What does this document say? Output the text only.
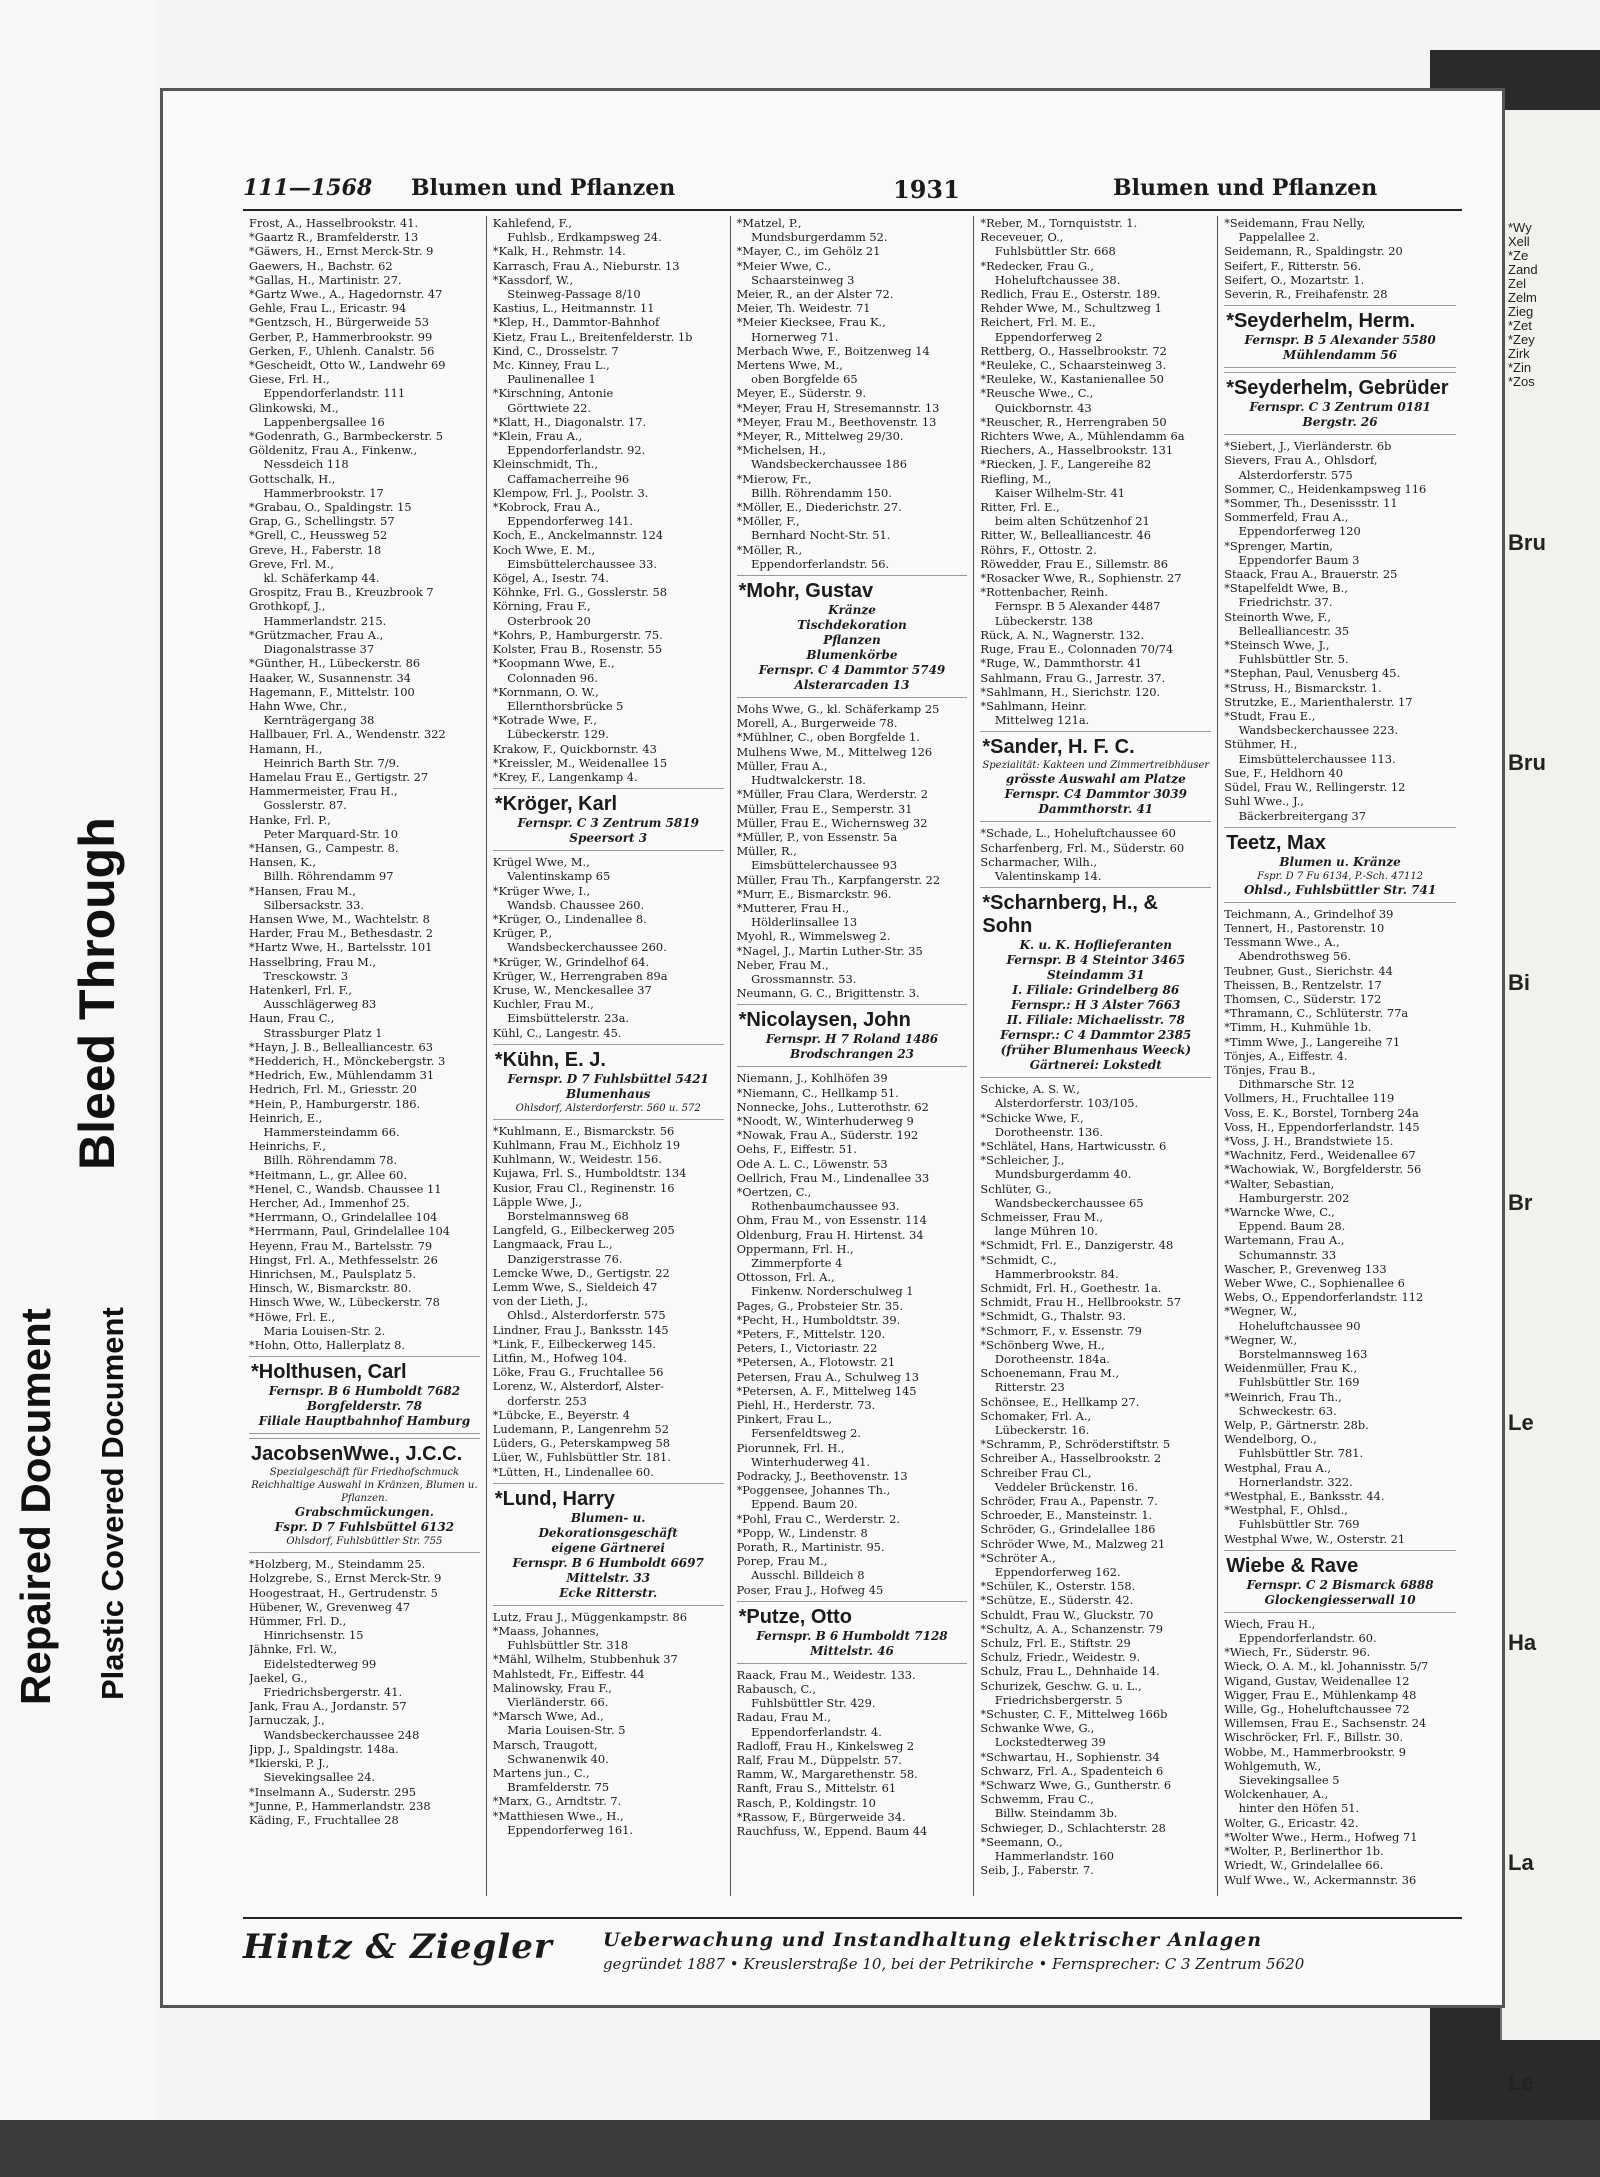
Bleed Through
Repaired Document Plastic Covered Document
*Wy
Xell
*Ze
Zand
Zel
Zelm
Zieg
*Zet
*Zey
Zirk
*Zin
*Zos
Bru
Bru
Bi
Br
Le
Ha
La
Le
111—1568 Blumen und Pflanzen	1931	Blumen und Pflanzen
Frost, A., Hasselbrookstr. 41.
*Gaartz R., Bramfelderstr. 13
*Gäwers, H., Ernst Merck-Str. 9
Gaewers, H., Bachstr. 62
*Gallas, H., Martinistr. 27.
*Gartz Wwe., A., Hagedornstr. 47
Gehle, Frau L., Ericastr. 94
*Gentzsch, H., Bürgerweide 53
Gerber, P., Hammerbrookstr. 99
Gerken, F., Uhlenh. Canalstr. 56
*Gescheidt, Otto W., Landwehr 69
Giese, Frl. H.,
Eppendorferlandstr. 111
Glinkowski, M.,
Lappenbergsallee 16
*Godenrath, G., Barmbeckerstr. 5
Göldenitz, Frau A., Finkenw.,
Nessdeich 118
Gottschalk, H.,
Hammerbrookstr. 17
*Grabau, O., Spaldingstr. 15
Grap, G., Schellingstr. 57
*Grell, C., Heussweg 52
Greve, H., Faberstr. 18
Greve, Frl. M.,
kl. Schäferkamp 44.
Grospitz, Frau B., Kreuzbrook 7
Grothkopf, J.,
Hammerlandstr. 215.
*Grützmacher, Frau A.,
Diagonalstrasse 37
*Günther, H., Lübeckerstr. 86
Haaker, W., Susannenstr. 34
Hagemann, F., Mittelstr. 100
Hahn Wwe, Chr.,
Kernträgergang 38
Hallbauer, Frl. A., Wendenstr. 322
Hamann, H.,
Heinrich Barth Str. 7/9.
Hamelau Frau E., Gertigstr. 27
Hammermeister, Frau H.,
Gosslerstr. 87.
Hanke, Frl. P.,
Peter Marquard-Str. 10
*Hansen, G., Campestr. 8.
Hansen, K.,
Billh. Röhrendamm 97
*Hansen, Frau M.,
Silbersackstr. 33.
Hansen Wwe, M., Wachtelstr. 8
Harder, Frau M., Bethesdastr. 2
*Hartz Wwe, H., Bartelsstr. 101
Hasselbring, Frau M.,
Tresckowstr. 3
Hatenkerl, Frl. F.,
Ausschlägerweg 83
Haun, Frau C.,
Strassburger Platz 1
*Hayn, J. B., Bellealliancestr. 63
*Hedderich, H., Mönckebergstr. 3
*Hedrich, Ew., Mühlendamm 31
Hedrich, Frl. M., Griesstr. 20
*Hein, P., Hamburgerstr. 186.
Heinrich, E.,
Hammersteindamm 66.
Heinrichs, F.,
Billh. Röhrendamm 78.
*Heitmann, L., gr. Allee 60.
*Henel, C., Wandsb. Chaussee 11
Hercher, Ad., Immenhof 25.
*Herrmann, O., Grindelallee 104
*Herrmann, Paul, Grindelallee 104
Heyenn, Frau M., Bartelsstr. 79
Hingst, Frl. A., Methfesselstr. 26
Hinrichsen, M., Paulsplatz 5.
Hinsch, W., Bismarckstr. 80.
Hinsch Wwe, W., Lübeckerstr. 78
*Höwe, Frl. E.,
Maria Louisen-Str. 2.
*Hohn, Otto, Hallerplatz 8.
*Holthusen, Carl
Fernspr. B 6 Humboldt 7682
Borgfelderstr. 78
Filiale Hauptbahnhof Hamburg
JacobsenWwe., J.C.C.
Spezialgeschäft für Friedhofschmuck
Reichhaltige Auswahl in Kränzen, Blumen u. Pflanzen.
Grabschmückungen.
Fspr. D 7 Fuhlsbüttel 6132
Ohlsdorf, Fuhlsbüttler Str. 755
*Holzberg, M., Steindamm 25.
Holzgrebe, S., Ernst Merck-Str. 9
Hoogestraat, H., Gertrudenstr. 5
Hübener, W., Grevenweg 47
Hümmer, Frl. D.,
Hinrichsenstr. 15
Jähnke, Frl. W.,
Eidelstedterweg 99
Jaekel, G.,
Friedrichsbergerstr. 41.
Jank, Frau A., Jordanstr. 57
Jarnuczak, J.,
Wandsbeckerchaussee 248
Jipp, J., Spaldingstr. 148a.
*Ikierski, P. J.,
Sievekingsallee 24.
*Inselmann A., Suderstr. 295
*Junne, P., Hammerlandstr. 238
Käding, F., Fruchtallee 28
Kahlefend, F.,
Fuhlsb., Erdkampsweg 24.
*Kalk, H., Rehmstr. 14.
Karrasch, Frau A., Nieburstr. 13
*Kassdorf, W.,
Steinweg-Passage 8/10
Kastius, L., Heitmannstr. 11
*Klep, H., Dammtor-Bahnhof
Kietz, Frau L., Breitenfelderstr. 1b
Kind, C., Drosselstr. 7
Mc. Kinney, Frau L.,
Paulinenallee 1
*Kirschning, Antonie
Görttwiete 22.
*Klatt, H., Diagonalstr. 17.
*Klein, Frau A.,
Eppendorferlandstr. 92.
Kleinschmidt, Th.,
Caffamacherreihe 96
Klempow, Frl. J., Poolstr. 3.
*Kobrock, Frau A.,
Eppendorferweg 141.
Koch, E., Anckelmannstr. 124
Koch Wwe, E. M.,
Eimsbüttelerchaussee 33.
Kögel, A., Isestr. 74.
Köhnke, Frl. G., Gosslerstr. 58
Körning, Frau F.,
Osterbrook 20
*Kohrs, P., Hamburgerstr. 75.
Kolster, Frau B., Rosenstr. 55
*Koopmann Wwe, E.,
Colonnaden 96.
*Kornmann, O. W.,
Ellernthorsbrücke 5
*Kotrade Wwe, F.,
Lübeckerstr. 129.
Krakow, F., Quickbornstr. 43
*Kreissler, M., Weidenallee 15
*Krey, F., Langenkamp 4.
*Kröger, Karl
Fernspr. C 3 Zentrum 5819
Speersort 3
Krügel Wwe, M.,
Valentinskamp 65
*Krüger Wwe, I.,
Wandsb. Chaussee 260.
*Krüger, O., Lindenallee 8.
Krüger, P.,
Wandsbeckerchaussee 260.
*Krüger, W., Grindelhof 64.
Krüger, W., Herrengraben 89a
Kruse, W., Menckesallee 37
Kuchler, Frau M.,
Eimsbüttelerstr. 23a.
Kühl, C., Langestr. 45.
*Kühn, E. J.
Fernspr. D 7 Fuhlsbüttel 5421
Blumenhaus
Ohlsdorf, Alsterdorferstr. 560 u. 572
*Kuhlmann, E., Bismarckstr. 56
Kuhlmann, Frau M., Eichholz 19
Kuhlmann, W., Weidestr. 156.
Kujawa, Frl. S., Humboldtstr. 134
Kusior, Frau Cl., Reginenstr. 16
Läpple Wwe, J.,
Borstelmannsweg 68
Langfeld, G., Eilbeckerweg 205
Langmaack, Frau L.,
Danzigerstrasse 76.
Lemcke Wwe, D., Gertigstr. 22
Lemm Wwe, S., Sieldeich 47
von der Lieth, J.,
Ohlsd., Alsterdorferstr. 575
Lindner, Frau J., Banksstr. 145
*Link, F., Eilbeckerweg 145.
Litfin, M., Hofweg 104.
Löke, Frau G., Fruchtallee 56
Lorenz, W., Alsterdorf, Alster-
dorferstr. 253
*Lübcke, E., Beyerstr. 4
Ludemann, P., Langenrehm 52
Lüders, G., Peterskampweg 58
Lüer, W., Fuhlsbüttler Str. 181.
*Lütten, H., Lindenallee 60.
*Lund, Harry
Blumen- u.
Dekorationsgeschäft
eigene Gärtnerei
Fernspr. B 6 Humboldt 6697
Mittelstr. 33
Ecke Ritterstr.
Lutz, Frau J., Müggenkampstr. 86
*Maass, Johannes,
Fuhlsbüttler Str. 318
*Mähl, Wilhelm, Stubbenhuk 37
Mahlstedt, Fr., Eiffestr. 44
Malinowsky, Frau F.,
Vierländerstr. 66.
*Marsch Wwe, Ad.,
Maria Louisen-Str. 5
Marsch, Traugott,
Schwanenwik 40.
Martens jun., C.,
Bramfelderstr. 75
*Marx, G., Arndtstr. 7.
*Matthiesen Wwe., H.,
Eppendorferweg 161.
*Matzel, P.,
Mundsburgerdamm 52.
*Mayer, C., im Gehölz 21
*Meier Wwe, C.,
Schaarsteinweg 3
Meier, R., an der Alster 72.
Meier, Th. Weidestr. 71
*Meier Kiecksee, Frau K.,
Hornerweg 71.
Merbach Wwe, F., Boitzenweg 14
Mertens Wwe, M.,
oben Borgfelde 65
Meyer, E., Süderstr. 9.
*Meyer, Frau H, Stresemannstr. 13
*Meyer, Frau M., Beethovenstr. 13
*Meyer, R., Mittelweg 29/30.
*Michelsen, H.,
Wandsbeckerchaussee 186
*Mierow, Fr.,
Billh. Röhrendamm 150.
*Möller, E., Diederichstr. 27.
*Möller, F.,
Bernhard Nocht-Str. 51.
*Möller, R.,
Eppendorferlandstr. 56.
*Mohr, Gustav
Kränze
Tischdekoration
Pflanzen
Blumenkörbe
Fernspr. C 4 Dammtor 5749
Alsterarcaden 13
Mohs Wwe, G., kl. Schäferkamp 25
Morell, A., Burgerweide 78.
*Mühlner, C., oben Borgfelde 1.
Mulhens Wwe, M., Mittelweg 126
Müller, Frau A.,
Hudtwalckerstr. 18.
*Müller, Frau Clara, Werderstr. 2
Müller, Frau E., Semperstr. 31
Müller, Frau E., Wichernsweg 32
*Müller, P., von Essenstr. 5a
Müller, R.,
Eimsbüttelerchaussee 93
Müller, Frau Th., Karpfangerstr. 22
*Murr, E., Bismarckstr. 96.
*Mutterer, Frau H.,
Hölderlinsallee 13
Myohl, R., Wimmelsweg 2.
*Nagel, J., Martin Luther-Str. 35
Neber, Frau M.,
Grossmannstr. 53.
Neumann, G. C., Brigittenstr. 3.
*Nicolaysen, John
Fernspr. H 7 Roland 1486
Brodschrangen 23
Niemann, J., Kohlhöfen 39
*Niemann, C., Hellkamp 51.
Nonnecke, Johs., Lutterothstr. 62
*Noodt, W., Winterhuderweg 9
*Nowak, Frau A., Süderstr. 192
Oehs, F., Eiffestr. 51.
Ode A. L. C., Löwenstr. 53
Oellrich, Frau M., Lindenallee 33
*Oertzen, C.,
Rothenbaumchaussee 93.
Ohm, Frau M., von Essenstr. 114
Oldenburg, Frau H. Hirtenst. 34
Oppermann, Frl. H.,
Zimmerpforte 4
Ottosson, Frl. A.,
Finkenw. Norderschulweg 1
Pages, G., Probsteier Str. 35.
*Pecht, H., Humboldtstr. 39.
*Peters, F., Mittelstr. 120.
Peters, I., Victoriastr. 22
*Petersen, A., Flotowstr. 21
Petersen, Frau A., Schulweg 13
*Petersen, A. F., Mittelweg 145
Piehl, H., Herderstr. 73.
Pinkert, Frau L.,
Fersenfeldtsweg 2.
Piorunnek, Frl. H.,
Winterhuderweg 41.
Podracky, J., Beethovenstr. 13
*Poggensee, Johannes Th.,
Eppend. Baum 20.
*Pohl, Frau C., Werderstr. 2.
*Popp, W., Lindenstr. 8
Porath, R., Martinistr. 95.
Porep, Frau M.,
Ausschl. Billdeich 8
Poser, Frau J., Hofweg 45
*Putze, Otto
Fernspr. B 6 Humboldt 7128
Mittelstr. 46
Raack, Frau M., Weidestr. 133.
Rabausch, C.,
Fuhlsbüttler Str. 429.
Radau, Frau M.,
Eppendorferlandstr. 4.
Radloff, Frau H., Kinkelsweg 2
Ralf, Frau M., Düppelstr. 57.
Ramm, W., Margarethenstr. 58.
Ranft, Frau S., Mittelstr. 61
Rasch, P., Koldingstr. 10
*Rassow, F., Bürgerweide 34.
Rauchfuss, W., Eppend. Baum 44
*Reber, M., Tornquiststr. 1.
Receveuer, O.,
Fuhlsbüttler Str. 668
*Redecker, Frau G.,
Hoheluftchaussee 38.
Redlich, Frau E., Osterstr. 189.
Rehder Wwe, M., Schultzweg 1
Reichert, Frl. M. E.,
Eppendorferweg 2
Rettberg, O., Hasselbrookstr. 72
*Reuleke, C., Schaarsteinweg 3.
*Reuleke, W., Kastanienallee 50
*Reusche Wwe., C.,
Quickbornstr. 43
*Reuscher, R., Herrengraben 50
Richters Wwe, A., Mühlendamm 6a
Riechers, A., Hasselbrookstr. 131
*Riecken, J. F., Langereihe 82
Riefling, M.,
Kaiser Wilhelm-Str. 41
Ritter, Frl. E.,
beim alten Schützenhof 21
Ritter, W., Bellealliancestr. 46
Röhrs, F., Ottostr. 2.
Röwedder, Frau E., Sillemstr. 86
*Rosacker Wwe, R., Sophienstr. 27
*Rottenbacher, Reinh.
Fernspr. B 5 Alexander 4487
Lübeckerstr. 138
Rück, A. N., Wagnerstr. 132.
Ruge, Frau E., Colonnaden 70/74
*Ruge, W., Dammthorstr. 41
Sahlmann, Frau G., Jarrestr. 37.
*Sahlmann, H., Sierichstr. 120.
*Sahlmann, Heinr.
Mittelweg 121a.
*Sander, H. F. C.
Spezialität: Kakteen und Zimmertreibhäuser
grösste Auswahl am Platze
Fernspr. C4 Dammtor 3039
Dammthorstr. 41
*Schade, L., Hoheluftchaussee 60
Scharfenberg, Frl. M., Süderstr. 60
Scharmacher, Wilh.,
Valentinskamp 14.
*Scharnberg, H., & Sohn
K. u. K. Hoflieferanten
Fernspr. B 4 Steintor 3465
Steindamm 31
I. Filiale: Grindelberg 86
Fernspr.: H 3 Alster 7663
II. Filiale: Michaelisstr. 78
Fernspr.: C 4 Dammtor 2385
(früher Blumenhaus Weeck)
Gärtnerei: Lokstedt
Schicke, A. S. W.,
Alsterdorferstr. 103/105.
*Schicke Wwe, F.,
Dorotheenstr. 136.
*Schlätel, Hans, Hartwicusstr. 6
*Schleicher, J.,
Mundsburgerdamm 40.
Schlüter, G.,
Wandsbeckerchaussee 65
Schmeisser, Frau M.,
lange Mühren 10.
*Schmidt, Frl. E., Danzigerstr. 48
*Schmidt, C.,
Hammerbrookstr. 84.
Schmidt, Frl. H., Goethestr. 1a.
Schmidt, Frau H., Hellbrookstr. 57
*Schmidt, G., Thalstr. 93.
*Schmorr, F., v. Essenstr. 79
*Schönberg Wwe, H.,
Dorotheenstr. 184a.
Schoenemann, Frau M.,
Ritterstr. 23
Schönsee, E., Hellkamp 27.
Schomaker, Frl. A.,
Lübeckerstr. 16.
*Schramm, P., Schröderstiftstr. 5
Schreiber A., Hasselbrookstr. 2
Schreiber Frau Cl.,
Veddeler Brückenstr. 16.
Schröder, Frau A., Papenstr. 7.
Schroeder, E., Mansteinstr. 1.
Schröder, G., Grindelallee 186
Schröder Wwe, M., Malzweg 21
*Schröter A.,
Eppendorferweg 162.
*Schüler, K., Osterstr. 158.
*Schütze, E., Süderstr. 42.
Schuldt, Frau W., Gluckstr. 70
*Schultz, A. A., Schanzenstr. 79
Schulz, Frl. E., Stiftstr. 29
Schulz, Friedr., Weidestr. 9.
Schulz, Frau L., Dehnhaide 14.
Schurizek, Geschw. G. u. L.,
Friedrichsbergerstr. 5
*Schuster, C. F., Mittelweg 166b
Schwanke Wwe, G.,
Lockstedterweg 39
*Schwartau, H., Sophienstr. 34
Schwarz, Frl. A., Spadenteich 6
*Schwarz Wwe, G., Guntherstr. 6
Schwemm, Frau C.,
Billw. Steindamm 3b.
Schwieger, D., Schlachterstr. 28
*Seemann, O.,
Hammerlandstr. 160
Seib, J., Faberstr. 7.
*Seidemann, Frau Nelly,
Pappelallee 2.
Seidemann, R., Spaldingstr. 20
Seifert, F., Ritterstr. 56.
Seifert, O., Mozartstr. 1.
Severin, R., Freihafenstr. 28
*Seyderhelm, Herm.
Fernspr. B 5 Alexander 5580
Mühlendamm 56
*Seyderhelm, Gebrüder
Fernspr. C 3 Zentrum 0181
Bergstr. 26
*Siebert, J., Vierländerstr. 6b
Sievers, Frau A., Ohlsdorf,
Alsterdorferstr. 575
Sommer, C., Heidenkampsweg 116
*Sommer, Th., Desenissstr. 11
Sommerfeld, Frau A.,
Eppendorferweg 120
*Sprenger, Martin,
Eppendorfer Baum 3
Staack, Frau A., Brauerstr. 25
*Stapelfeldt Wwe, B.,
Friedrichstr. 37.
Steinorth Wwe, F.,
Bellealliancestr. 35
*Steinsch Wwe, J.,
Fuhlsbüttler Str. 5.
*Stephan, Paul, Venusberg 45.
*Struss, H., Bismarckstr. 1.
Strutzke, E., Marienthalerstr. 17
*Studt, Frau E.,
Wandsbeckerchaussee 223.
Stühmer, H.,
Eimsbüttelerchaussee 113.
Sue, F., Heldhorn 40
Südel, Frau W., Rellingerstr. 12
Suhl Wwe., J.,
Bäckerbreitergang 37
Teetz, Max
Blumen u. Kränze
Fspr. D 7 Fu 6134, P.-Sch. 47112
Ohlsd., Fuhlsbüttler Str. 741
Teichmann, A., Grindelhof 39
Tennert, H., Pastorenstr. 10
Tessmann Wwe., A.,
Abendrothsweg 56.
Teubner, Gust., Sierichstr. 44
Theissen, B., Rentzelstr. 17
Thomsen, C., Süderstr. 172
*Thramann, C., Schlüterstr. 77a
*Timm, H., Kuhmühle 1b.
*Timm Wwe, J., Langereihe 71
Tönjes, A., Eiffestr. 4.
Tönjes, Frau B.,
Dithmarsche Str. 12
Vollmers, H., Fruchtallee 119
Voss, E. K., Borstel, Tornberg 24a
Voss, H., Eppendorferlandstr. 145
*Voss, J. H., Brandstwiete 15.
*Wachnitz, Ferd., Weidenallee 67
*Wachowiak, W., Borgfelderstr. 56
*Walter, Sebastian,
Hamburgerstr. 202
*Warncke Wwe, C.,
Eppend. Baum 28.
Wartemann, Frau A.,
Schumannstr. 33
Wascher, P., Grevenweg 133
Weber Wwe, C., Sophienallee 6
Webs, O., Eppendorferlandstr. 112
*Wegner, W.,
Hoheluftchaussee 90
*Wegner, W.,
Borstelmannsweg 163
Weidenmüller, Frau K.,
Fuhlsbüttler Str. 169
*Weinrich, Frau Th.,
Schweckestr. 63.
Welp, P., Gärtnerstr. 28b.
Wendelborg, O.,
Fuhlsbüttler Str. 781.
Westphal, Frau A.,
Hornerlandstr. 322.
*Westphal, E., Banksstr. 44.
*Westphal, F., Ohlsd.,
Fuhlsbüttler Str. 769
Westphal Wwe, W., Osterstr. 21
Wiebe & Rave
Fernspr. C 2 Bismarck 6888
Glockengiesserwall 10
Wiech, Frau H.,
Eppendorferlandstr. 60.
*Wiech, Fr., Süderstr. 96.
Wieck, O. A. M., kl. Johannisstr. 5/7
Wigand, Gustav, Weidenallee 12
Wigger, Frau E., Mühlenkamp 48
Wille, Gg., Hoheluftchaussee 72
Willemsen, Frau E., Sachsenstr. 24
Wischröcker, Frl. F., Billstr. 30.
Wobbe, M., Hammerbrookstr. 9
Wohlgemuth, W.,
Sievekingsallee 5
Wolckenhauer, A.,
hinter den Höfen 51.
Wolter, G., Ericastr. 42.
*Wolter Wwe., Herm., Hofweg 71
*Wolter, P., Berlinerthor 1b.
Wriedt, W., Grindelallee 66.
Wulf Wwe., W., Ackermannstr. 36
Hintz & Ziegler	Ueberwachung und Instandhaltung elektrischer Anlagen
gegründet 1887 • Kreuslerstraße 10, bei der Petrikirche • Fernsprecher: C 3 Zentrum 5620
